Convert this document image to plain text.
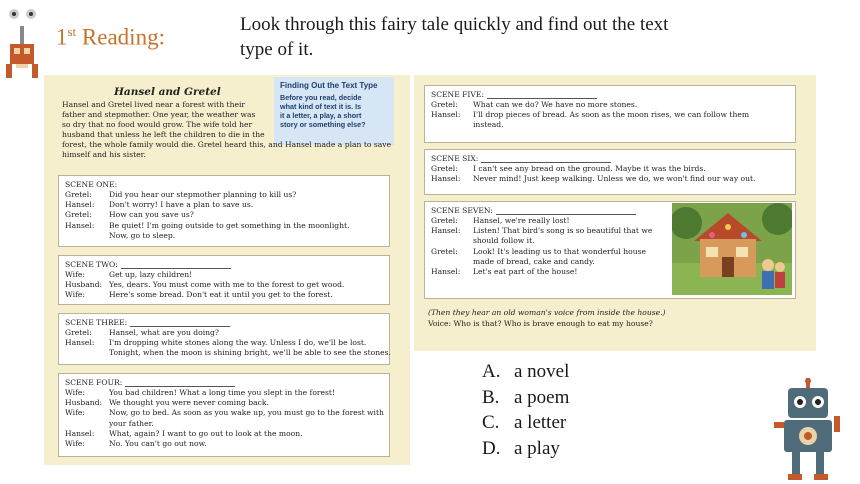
1st Reading:
Look through this fairy tale quickly and find out the text
type of it.
Finding Out the Text Type
Before you read, decide
what kind of text it is. Is
it a letter, a play, a short
story or something else?
Hansel and Gretel
Hansel and Gretel lived near a forest with their
father and stepmother. One year, the weather was
so dry that no food would grow. The wife told her
husband that unless he left the children to die in the
forest, the whole family would die. Gretel heard this, and Hansel made a plan to save
himself and his sister.
SCENE ONE:
Gretel:	Did you hear our stepmother planning to kill us?
Hansel:	Don't worry! I have a plan to save us.
Gretel:	How can you save us?
Hansel:	Be quiet! I'm going outside to get something in the moonlight.
Now, go to sleep.
SCENE TWO:
Wife:	Get up, lazy children!
Husband: Yes, dears. You must come with me to the forest to get wood.
Wife:	Here's some bread. Don't eat it until you get to the forest.
SCENE THREE:
Gretel:	Hansel, what are you doing?
Hansel:	I'm dropping white stones along the way. Unless I do, we'll be lost.
Tonight, when the moon is shining bright, we'll be able to see the stones.
SCENE FOUR:
Wife:	You bad children! What a long time you slept in the forest!
Husband: We thought you were never coming back.
Wife:	Now, go to bed. As soon as you wake up, you must go to the forest with
your father.
Hansel:	What, again? I want to go out to look at the moon.
Wife:	No. You can't go out now.
SCENE FIVE:
Gretel:	What can we do? We have no more stones.
Hansel:	I'll drop pieces of bread. As soon as the moon rises, we can follow them
instead.
SCENE SIX:
Gretel:	I can't see any bread on the ground. Maybe it was the birds.
Hansel:	Never mind! Just keep walking. Unless we do, we won't find our way out.
SCENE SEVEN:
Gretel:	Hansel, we're really lost!
Hansel:	Listen! That bird's song is so beautiful that we
should follow it.
Gretel:	Look! It's leading us to that wonderful house
made of bread, cake and candy.
Hansel:	Let's eat part of the house!
(Then they hear an old woman's voice from inside the house.)
Voice: Who is that? Who is brave enough to eat my house?
A. a novel
B. a poem
C. a letter
D. a play
